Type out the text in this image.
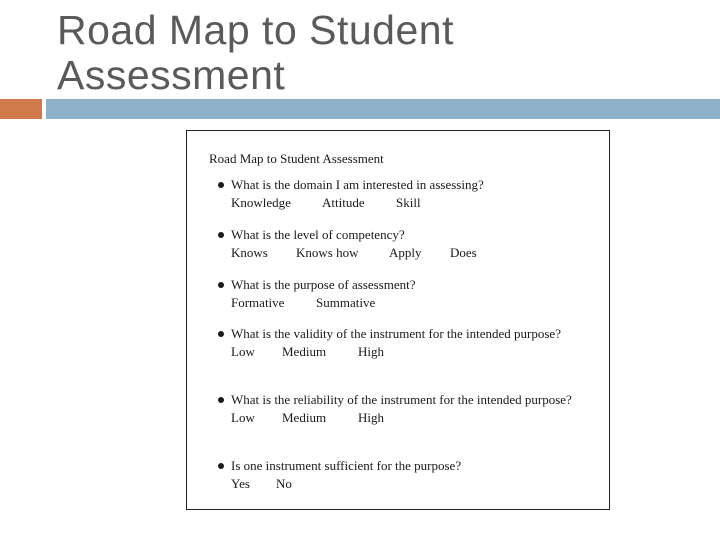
Road Map to Student
Assessment
Road Map to Student Assessment
What is the domain I am interested in assessing?
Knowledge Attitude Skill
What is the level of competency?
Knows Knows how Apply Does
What is the purpose of assessment?
Formative Summative
What is the validity of the instrument for the intended purpose?
Low Medium High
What is the reliability of the instrument for the intended purpose?
Low Medium High
Is one instrument sufficient for the purpose?
Yes No
